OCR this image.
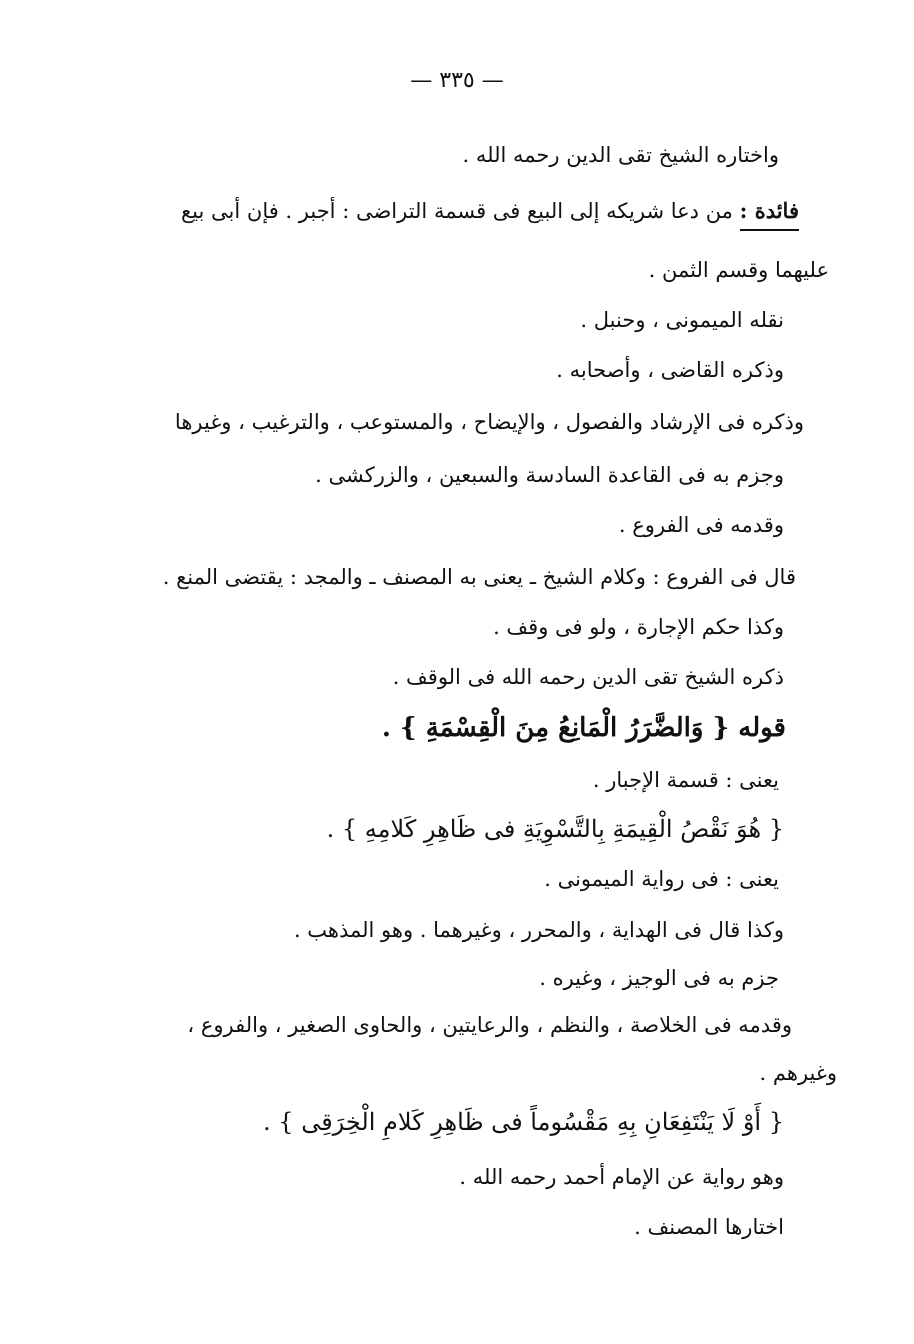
— ٣٣٥ —
واختاره الشيخ تقى الدين رحمه الله .
فائدة : من دعا شريكه إلى البيع فى قسمة التراضى : أجبر . فإن أبى بيع
عليهما وقسم الثمن .
نقله الميمونى ، وحنبل .
وذكره القاضى ، وأصحابه .
وذكره فى الإرشاد والفصول ، والإيضاح ، والمستوعب ، والترغيب ، وغيرها
وجزم به فى القاعدة السادسة والسبعين ، والزركشى .
وقدمه فى الفروع .
قال فى الفروع : وكلام الشيخ ـ يعنى به المصنف ـ والمجد : يقتضى المنع .
وكذا حكم الإجارة ، ولو فى وقف .
ذكره الشيخ تقى الدين رحمه الله فى الوقف .
قوله { وَالضَّرَرُ الْمَانِعُ مِنَ الْقِسْمَةِ } .
يعنى : قسمة الإجبار .
{ هُوَ نَقْصُ الْقِيمَةِ بِالتَّسْوِيَةِ فى ظَاهِرِ كَلامِهِ } .
يعنى : فى رواية الميمونى .
وكذا قال فى الهداية ، والمحرر ، وغيرهما . وهو المذهب .
جزم به فى الوجيز ، وغيره .
وقدمه فى الخلاصة ، والنظم ، والرعايتين ، والحاوى الصغير ، والفروع ،
وغيرهم .
{ أَوْ لَا يَنْتَفِعَانِ بِهِ مَقْسُوماً فى ظَاهِرِ كَلامِ الْخِرَقِى } .
وهو رواية عن الإمام أحمد رحمه الله .
اختارها المصنف .
